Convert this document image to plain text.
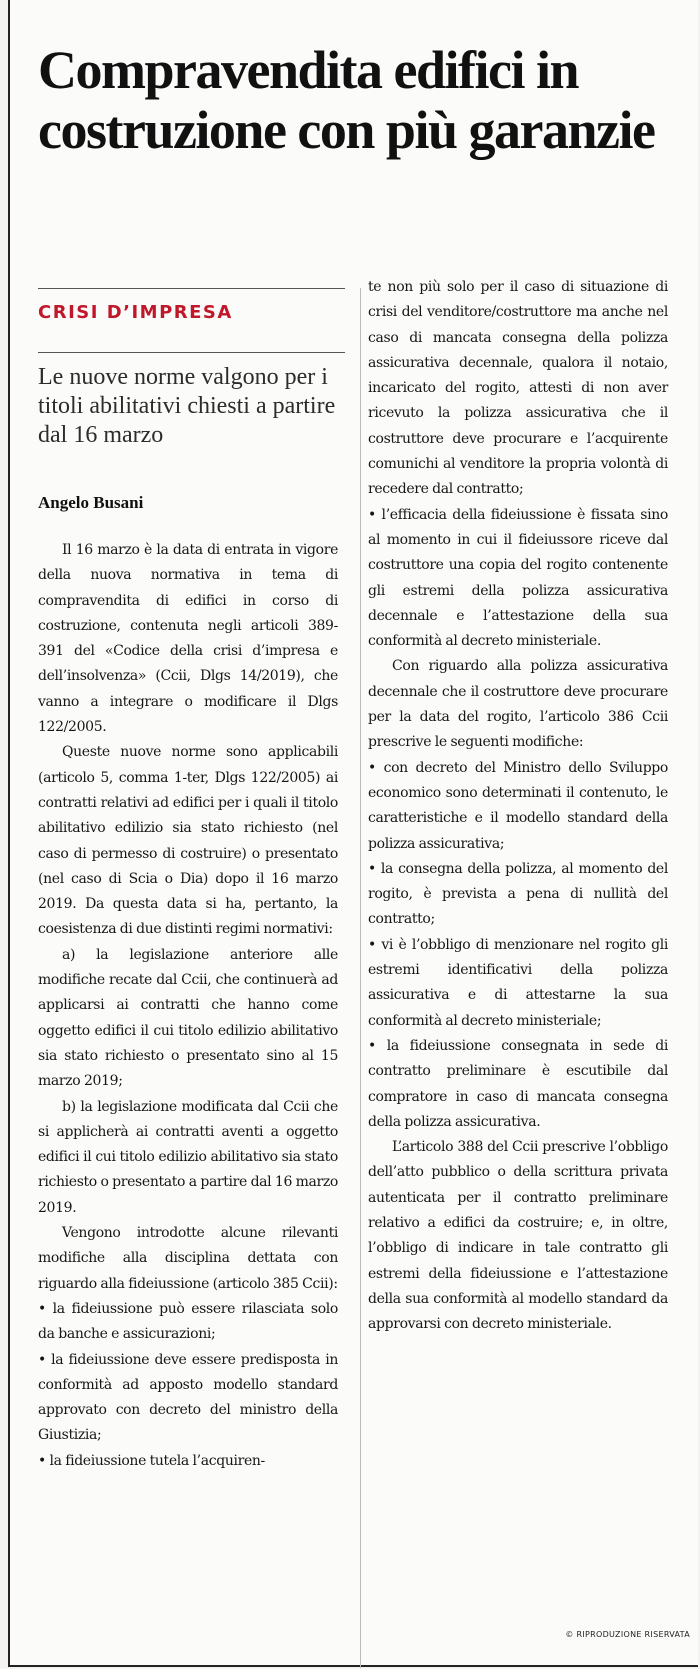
Compravendita edifici in costruzione con più garanzie
CRISI D’IMPRESA
Le nuove norme valgono per i titoli abilitativi chiesti a partire dal 16 marzo
Angelo Busani

Il 16 marzo è la data di entrata in vigore della nuova normativa in tema di compravendita di edifici in corso di costruzione, contenuta negli articoli 389-391 del «Codice della crisi d’impresa e dell’insolvenza» (Ccii, Dlgs 14/2019), che vanno a integrare o modificare il Dlgs 122/2005.

Queste nuove norme sono applicabili (articolo 5, comma 1-ter, Dlgs 122/2005) ai contratti relativi ad edifici per i quali il titolo abilitativo edilizio sia stato richiesto (nel caso di permesso di costruire) o presentato (nel caso di Scia o Dia) dopo il 16 marzo 2019. Da questa data si ha, pertanto, la coesistenza di due distinti regimi normativi:

a) la legislazione anteriore alle modifiche recate dal Ccii, che continuerà ad applicarsi ai contratti che hanno come oggetto edifici il cui titolo edilizio abilitativo sia stato richiesto o presentato sino al 15 marzo 2019;

b) la legislazione modificata dal Ccii che si applicherà ai contratti aventi a oggetto edifici il cui titolo edilizio abilitativo sia stato richiesto o presentato a partire dal 16 marzo 2019.

Vengono introdotte alcune rilevanti modifiche alla disciplina dettata con riguardo alla fideiussione (articolo 385 Ccii):

• la fideiussione può essere rilasciata solo da banche e assicurazioni;

• la fideiussione deve essere predisposta in conformità ad apposto modello standard approvato con decreto del ministro della Giustizia;

• la fideiussione tutela l’acquiren-

te non più solo per il caso di situazione di crisi del venditore/costruttore ma anche nel caso di mancata consegna della polizza assicurativa decennale, qualora il notaio, incaricato del rogito, attesti di non aver ricevuto la polizza assicurativa che il costruttore deve procurare e l’acquirente comunichi al venditore la propria volontà di recedere dal contratto;

• l’efficacia della fideiussione è fissata sino al momento in cui il fideiussore riceve dal costruttore una copia del rogito contenente gli estremi della polizza assicurativa decennale e l’attestazione della sua conformità al decreto ministeriale.

Con riguardo alla polizza assicurativa decennale che il costruttore deve procurare per la data del rogito, l’articolo 386 Ccii prescrive le seguenti modifiche:

• con decreto del Ministro dello Sviluppo economico sono determinati il contenuto, le caratteristiche e il modello standard della polizza assicurativa;

• la consegna della polizza, al momento del rogito, è prevista a pena di nullità del contratto;

• vi è l’obbligo di menzionare nel rogito gli estremi identificativi della polizza assicurativa e di attestarne la sua conformità al decreto ministeriale;

• la fideiussione consegnata in sede di contratto preliminare è escutibile dal compratore in caso di mancata consegna della polizza assicurativa.

L’articolo 388 del Ccii prescrive l’obbligo dell’atto pubblico o della scrittura privata autenticata per il contratto preliminare relativo a edifici da costruire; e, in oltre, l’obbligo di indicare in tale contratto gli estremi della fideiussione e l’attestazione della sua conformità al modello standard da approvarsi con decreto ministeriale.

© RIPRODUZIONE RISERVATA
